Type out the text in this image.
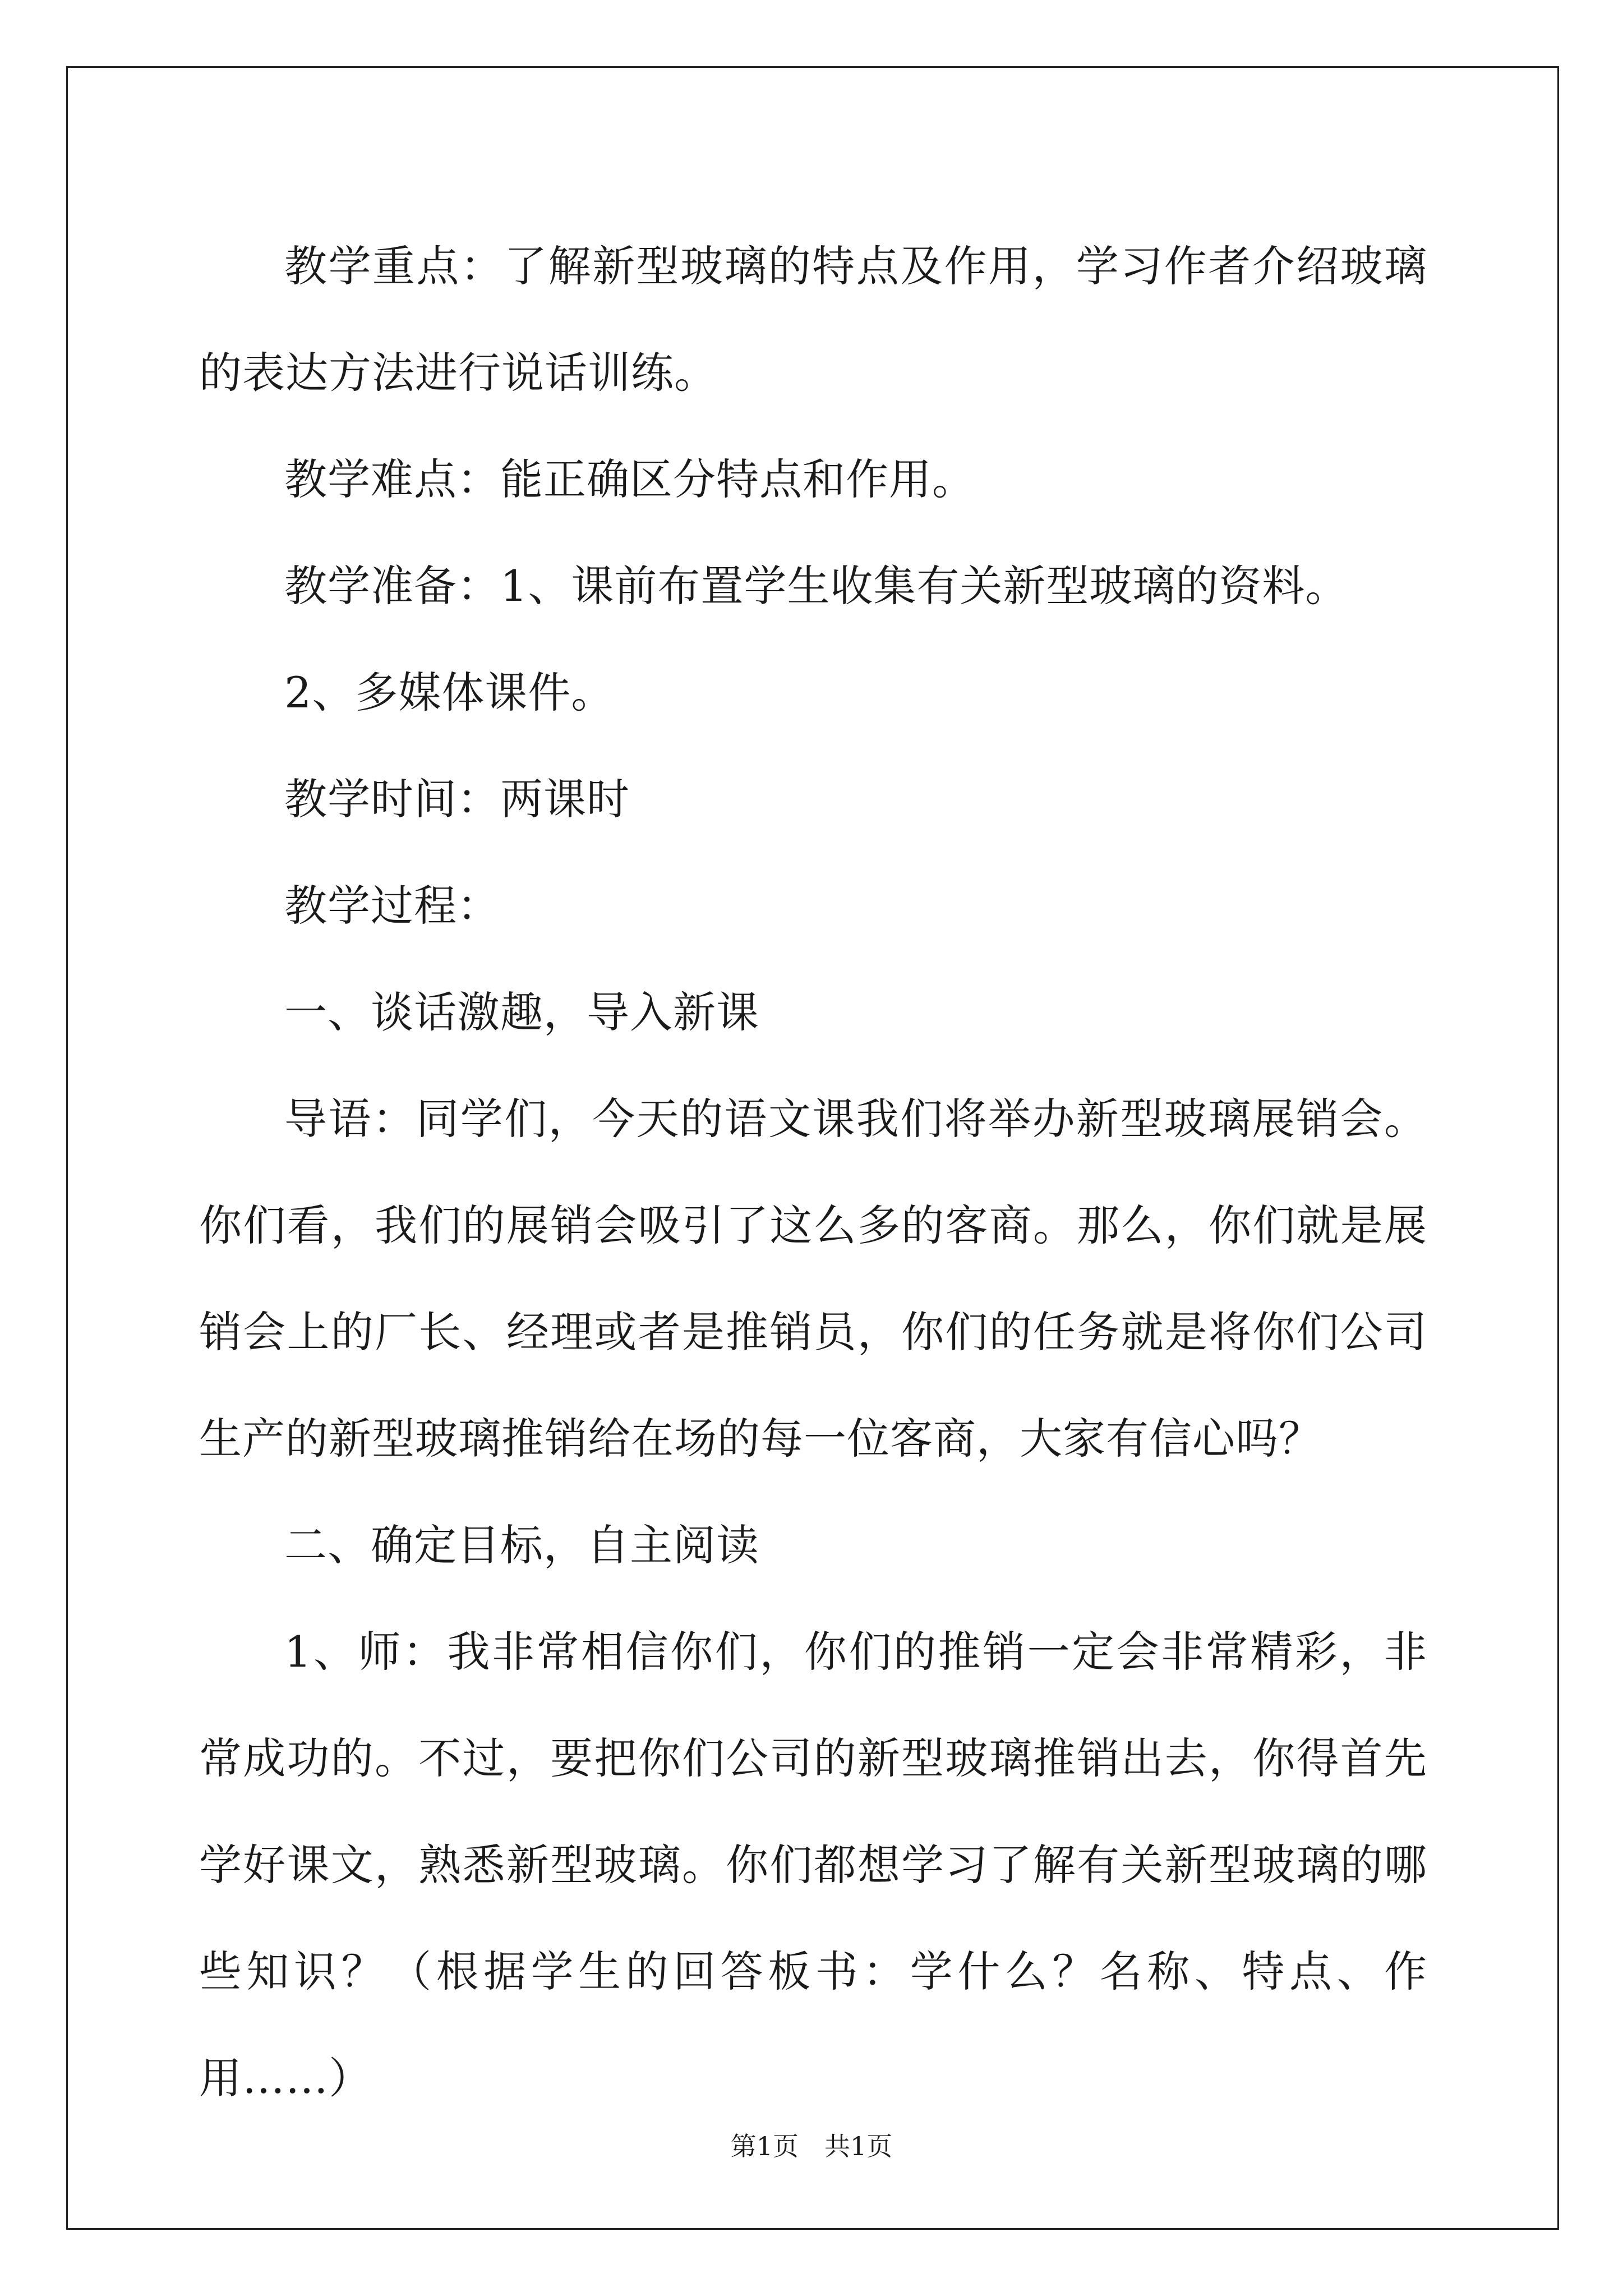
教学重点：了解新型玻璃的特点及作用，学习作者介绍玻璃的表达方法进行说话训练。

教学难点：能正确区分特点和作用。

教学准备：1、课前布置学生收集有关新型玻璃的资料。

2、多媒体课件。

教学时间：两课时

教学过程：

一、谈话激趣，导入新课

导语：同学们，今天的语文课我们将举办新型玻璃展销会。你们看，我们的展销会吸引了这么多的客商。那么，你们就是展销会上的厂长、经理或者是推销员，你们的任务就是将你们公司生产的新型玻璃推销给在场的每一位客商，大家有信心吗？

二、确定目标，自主阅读

1、师：我非常相信你们，你们的推销一定会非常精彩，非常成功的。不过，要把你们公司的新型玻璃推销出去，你得首先学好课文，熟悉新型玻璃。你们都想学习了解有关新型玻璃的哪些知识？（根据学生的回答板书：学什么？名称、特点、作用……）

第1页　共1页
